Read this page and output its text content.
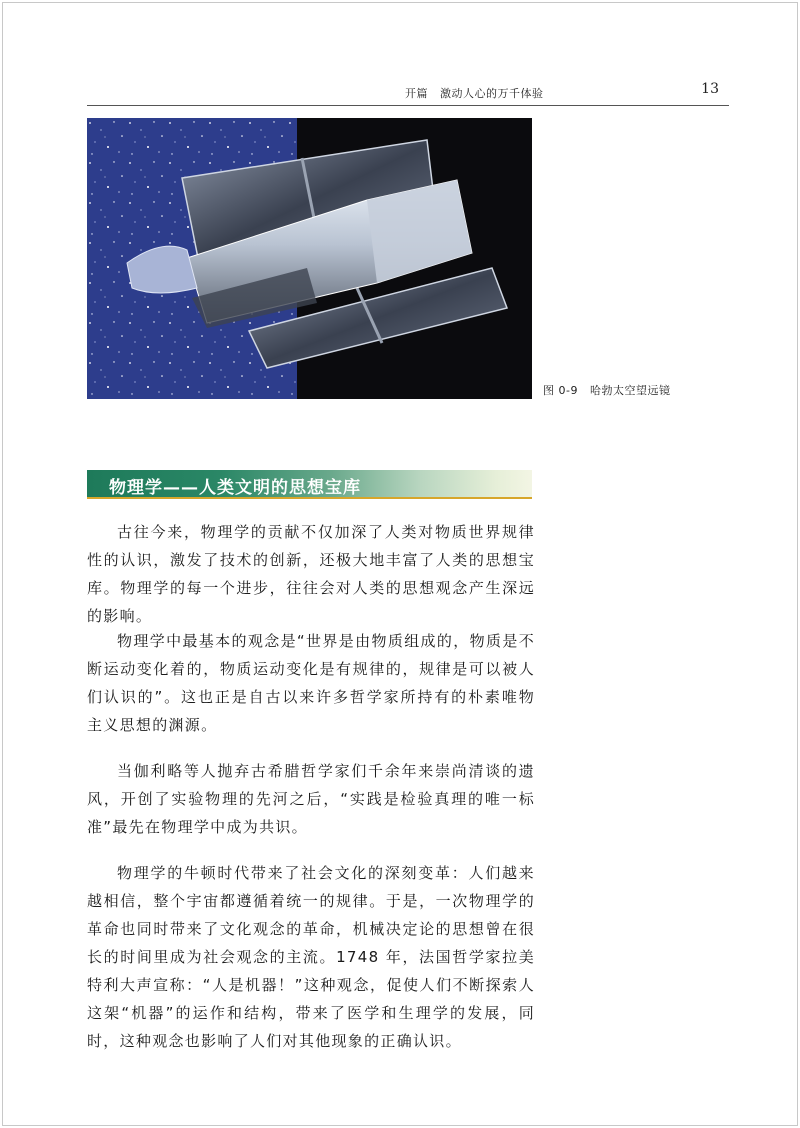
开篇 激动人心的万千体验	13
图 0-9   哈勃太空望远镜
物理学——人类文明的思想宝库

古往今来，物理学的贡献不仅加深了人类对物质世界规律性的认识，激发了技术的创新，还极大地丰富了人类的思想宝库。物理学的每一个进步，往往会对人类的思想观念产生深远的影响。

物理学中最基本的观念是“世界是由物质组成的，物质是不断运动变化着的，物质运动变化是有规律的，规律是可以被人们认识的”。这也正是自古以来许多哲学家所持有的朴素唯物主义思想的渊源。

当伽利略等人抛弃古希腊哲学家们千余年来崇尚清谈的遗风，开创了实验物理的先河之后，“实践是检验真理的唯一标准”最先在物理学中成为共识。

物理学的牛顿时代带来了社会文化的深刻变革：人们越来越相信，整个宇宙都遵循着统一的规律。于是，一次物理学的革命也同时带来了文化观念的革命，机械决定论的思想曾在很长的时间里成为社会观念的主流。1748 年，法国哲学家拉美特利大声宣称：“人是机器！”这种观念，促使人们不断探索人这架“机器”的运作和结构，带来了医学和生理学的发展，同时，这种观念也影响了人们对其他现象的正确认识。
